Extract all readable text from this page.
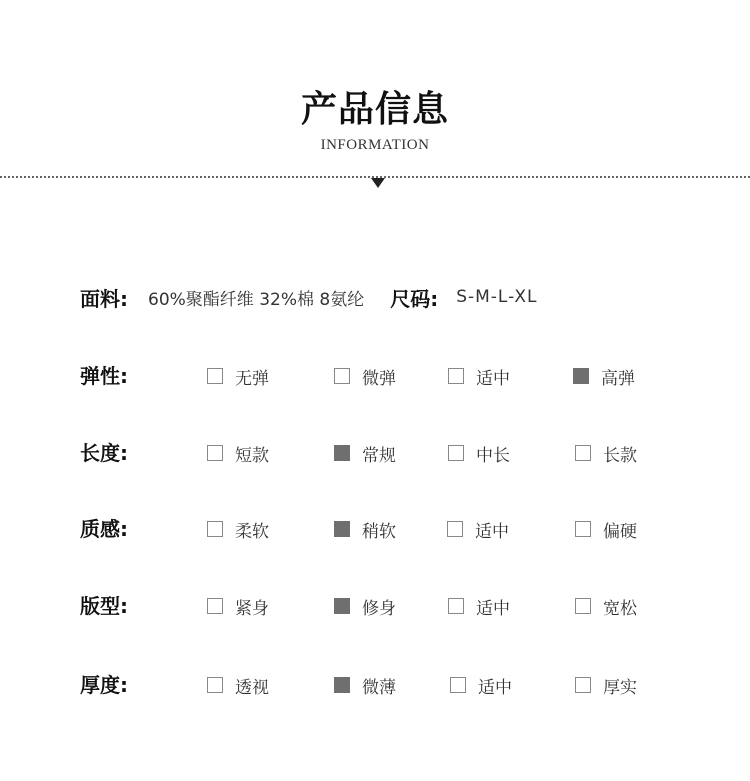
产品信息
INFORMATION
面料: 60%聚酯纤维 32%棉 8氨纶 尺码: S-M-L-XL
弹性:	无弹	微弹	适中	高弹
长度:	短款	常规	中长	长款
质感:	柔软	稍软	适中	偏硬
版型:	紧身	修身	适中	宽松
厚度:	透视	微薄	适中	厚实
